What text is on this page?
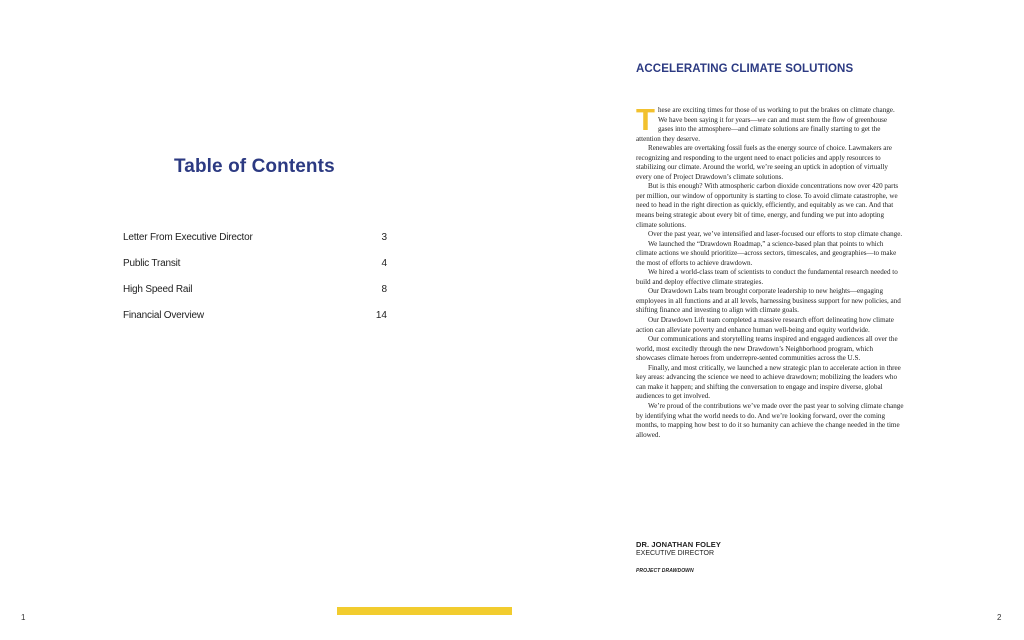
Table of Contents
Letter From Executive Director	3
Public Transit	4
High Speed Rail	8
Financial Overview	14
1
ACCELERATING CLIMATE SOLUTIONS

These are exciting times for those of us working to put the brakes on climate change. We have been saying it for years—we can and must stem the flow of greenhouse gases into the atmosphere—and climate solutions are finally starting to get the attention they deserve.

Renewables are overtaking fossil fuels as the energy source of choice. Lawmakers are recognizing and responding to the urgent need to enact policies and apply resources to stabilizing our climate. Around the world, we’re seeing an uptick in adoption of virtually every one of Project Drawdown’s climate solutions.

But is this enough? With atmospheric carbon dioxide concentrations now over 420 parts per million, our window of opportunity is starting to close. To avoid climate catastrophe, we need to head in the right direction as quickly, efficiently, and equitably as we can. And that means being strategic about every bit of time, energy, and funding we put into adopting climate solutions.

Over the past year, we’ve intensified and laser-focused our efforts to stop climate change.

We launched the “Drawdown Roadmap,” a science-based plan that points to which climate actions we should prioritize—across sectors, timescales, and geographies—to make the most of efforts to achieve drawdown.

We hired a world-class team of scientists to conduct the fundamental research needed to build and deploy effective climate strategies.

Our Drawdown Labs team brought corporate leadership to new heights—engaging employees in all functions and at all levels, harnessing business support for new policies, and shifting finance and investing to align with climate goals.

Our Drawdown Lift team completed a massive research effort delineating how climate action can alleviate poverty and enhance human well-being and equity worldwide.

Our communications and storytelling teams inspired and engaged audiences all over the world, most excitedly through the new Drawdown’s Neighborhood program, which showcases climate heroes from underrepre-sented communities across the U.S.

Finally, and most critically, we launched a new strategic plan to accelerate action in three key areas: advancing the science we need to achieve drawdown; mobilizing the leaders who can make it happen; and shifting the conversation to engage and inspire diverse, global audiences to get involved.

We’re proud of the contributions we’ve made over the past year to solving climate change by identifying what the world needs to do. And we’re looking forward, over the coming months, to mapping how best to do it so humanity can achieve the change needed in the time allowed.

DR. JONATHAN FOLEY
EXECUTIVE DIRECTOR
PROJECT DRAWDOWN
2
